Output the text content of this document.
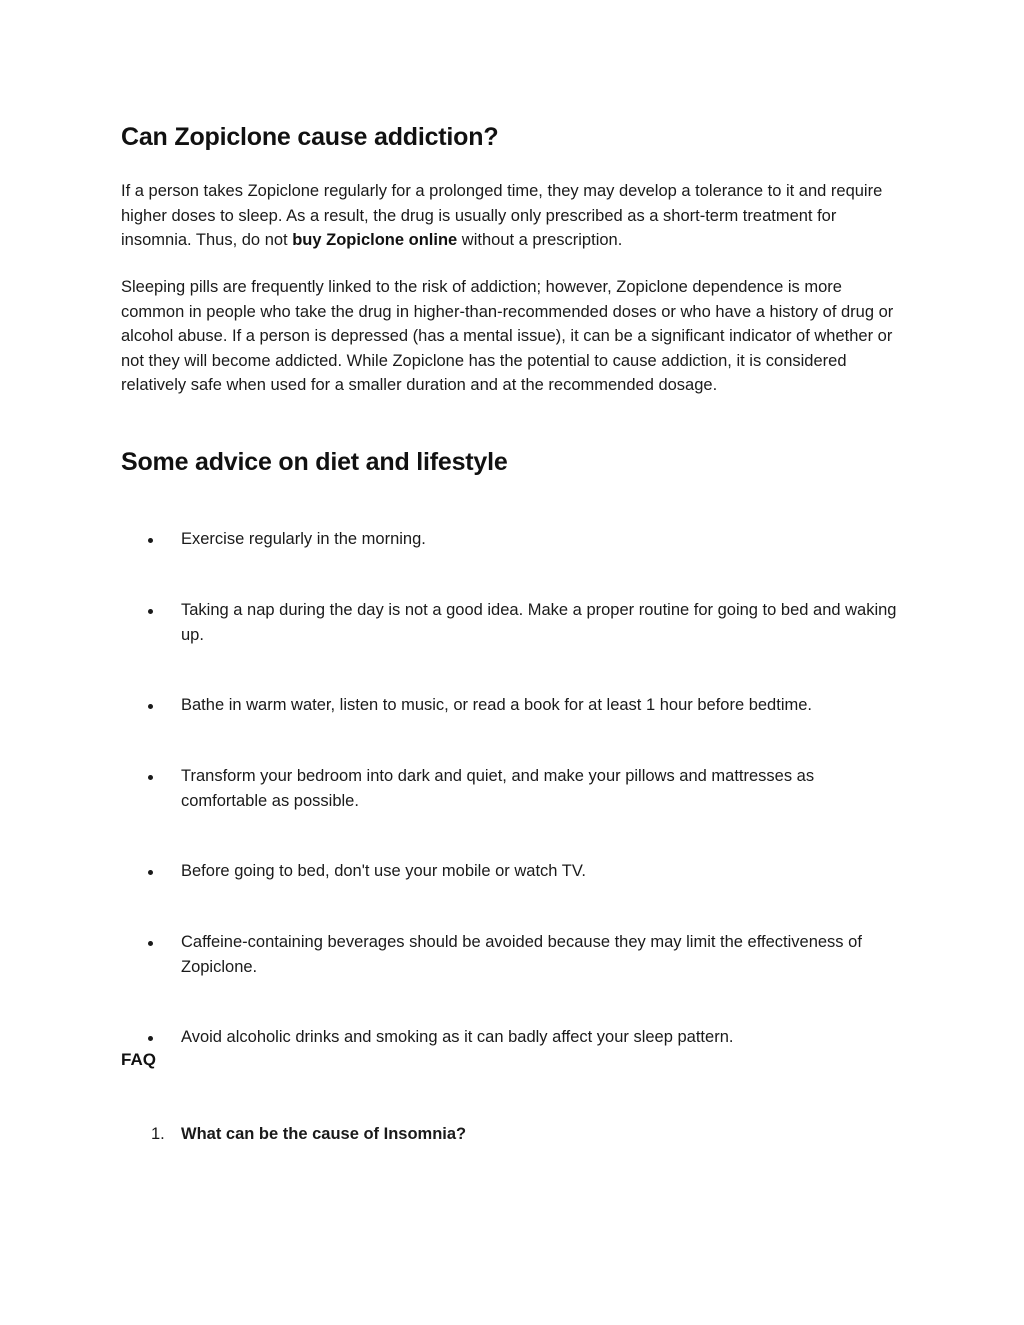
Can Zopiclone cause addiction?

If a person takes Zopiclone regularly for a prolonged time, they may develop a tolerance to it and require higher doses to sleep. As a result, the drug is usually only prescribed as a short-term treatment for insomnia. Thus, do not buy Zopiclone online without a prescription.

Sleeping pills are frequently linked to the risk of addiction; however, Zopiclone dependence is more common in people who take the drug in higher-than-recommended doses or who have a history of drug or alcohol abuse. If a person is depressed (has a mental issue), it can be a significant indicator of whether or not they will become addicted. While Zopiclone has the potential to cause addiction, it is considered relatively safe when used for a smaller duration and at the recommended dosage.

Some advice on diet and lifestyle
Exercise regularly in the morning.
Taking a nap during the day is not a good idea. Make a proper routine for going to bed and waking up.
Bathe in warm water, listen to music, or read a book for at least 1 hour before bedtime.
Transform your bedroom into dark and quiet, and make your pillows and mattresses as comfortable as possible.
Before going to bed, don't use your mobile or watch TV.
Caffeine-containing beverages should be avoided because they may limit the effectiveness of Zopiclone.
Avoid alcoholic drinks and smoking as it can badly affect your sleep pattern.
FAQ
1. What can be the cause of Insomnia?
